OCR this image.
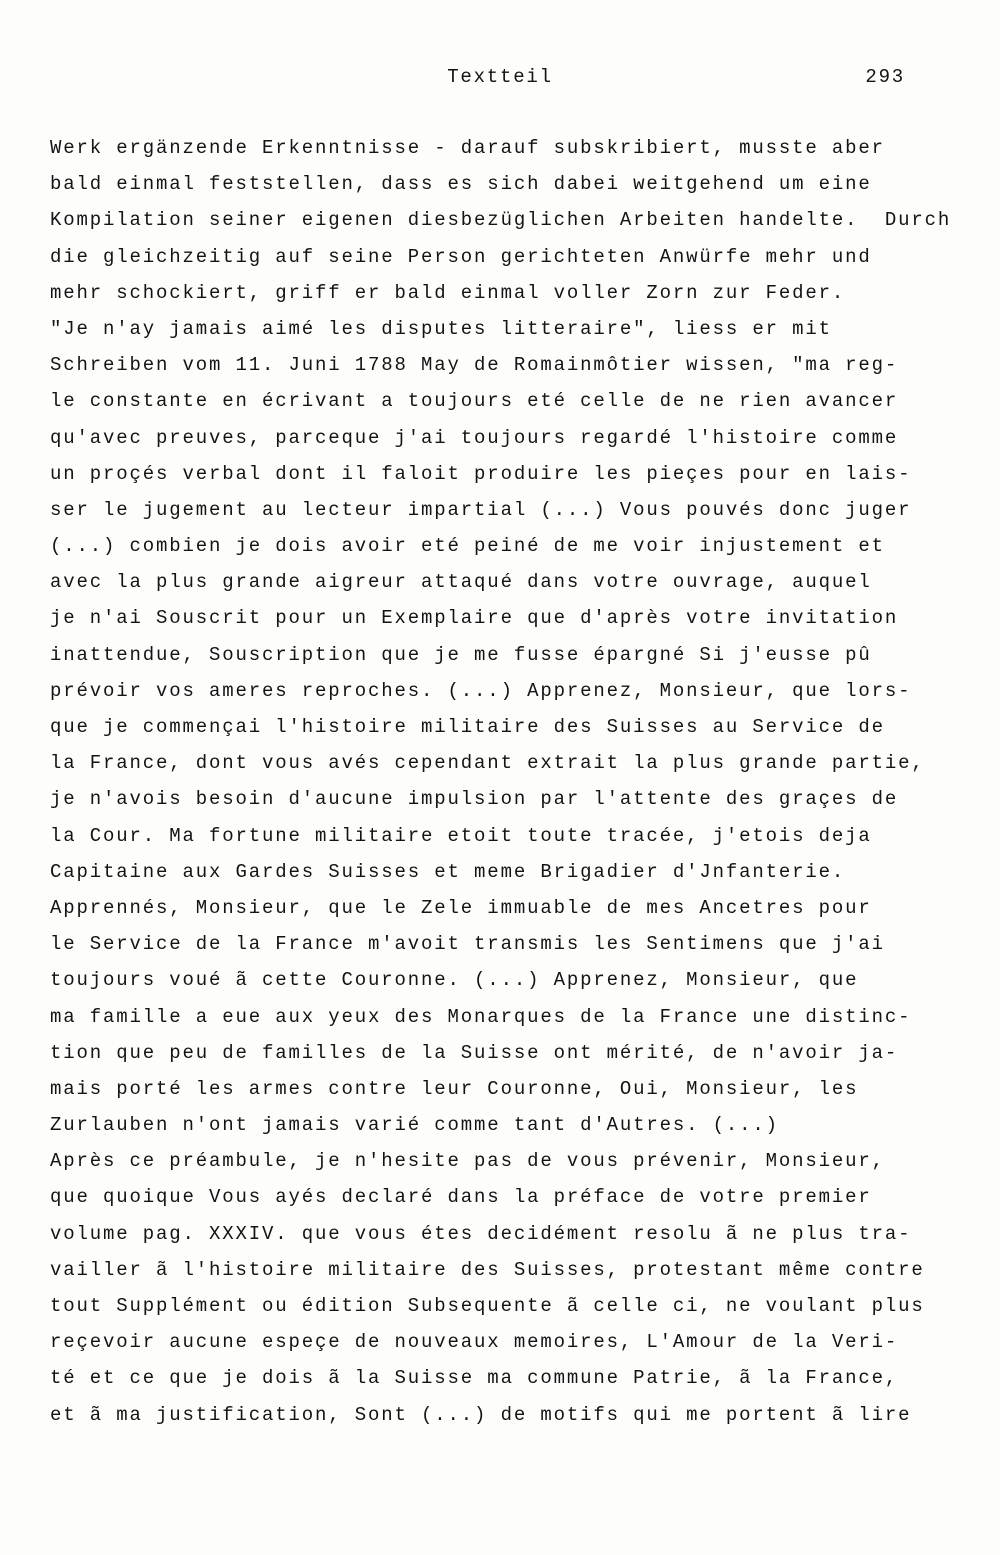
Textteil	293
Werk ergänzende Erkenntnisse - darauf subskribiert, musste aber
bald einmal feststellen, dass es sich dabei weitgehend um eine
Kompilation seiner eigenen diesbezüglichen Arbeiten handelte.  Durch
die gleichzeitig auf seine Person gerichteten Anwürfe mehr und
mehr schockiert, griff er bald einmal voller Zorn zur Feder.
"Je n'ay jamais aimé les disputes litteraire", liess er mit
Schreiben vom 11. Juni 1788 May de Romainmôtier wissen, "ma reg-
le constante en écrivant a toujours eté celle de ne rien avancer
qu'avec preuves, parceque j'ai toujours regardé l'histoire comme
un proçés verbal dont il faloit produire les pieçes pour en lais-
ser le jugement au lecteur impartial (...) Vous pouvés donc juger
(...) combien je dois avoir eté peiné de me voir injustement et
avec la plus grande aigreur attaqué dans votre ouvrage, auquel
je n'ai Souscrit pour un Exemplaire que d'après votre invitation
inattendue, Souscription que je me fusse épargné Si j'eusse pû
prévoir vos ameres reproches. (...) Apprenez, Monsieur, que lors-
que je commençai l'histoire militaire des Suisses au Service de
la France, dont vous avés cependant extrait la plus grande partie,
je n'avois besoin d'aucune impulsion par l'attente des graçes de
la Cour. Ma fortune militaire etoit toute tracée, j'etois deja
Capitaine aux Gardes Suisses et meme Brigadier d'Jnfanterie.
Apprennés, Monsieur, que le Zele immuable de mes Ancetres pour
le Service de la France m'avoit transmis les Sentimens que j'ai
toujours voué ã cette Couronne. (...) Apprenez, Monsieur, que
ma famille a eue aux yeux des Monarques de la France une distinc-
tion que peu de familles de la Suisse ont mérité, de n'avoir ja-
mais porté les armes contre leur Couronne, Oui, Monsieur, les
Zurlauben n'ont jamais varié comme tant d'Autres. (...)
Après ce préambule, je n'hesite pas de vous prévenir, Monsieur,
que quoique Vous ayés declaré dans la préface de votre premier
volume pag. XXXIV. que vous étes decidément resolu ã ne plus tra-
vailler ã l'histoire militaire des Suisses, protestant même contre
tout Supplément ou édition Subsequente ã celle ci, ne voulant plus
reçevoir aucune espeçe de nouveaux memoires, L'Amour de la Veri-
té et ce que je dois ã la Suisse ma commune Patrie, ã la France,
et ã ma justification, Sont (...) de motifs qui me portent ã lire
